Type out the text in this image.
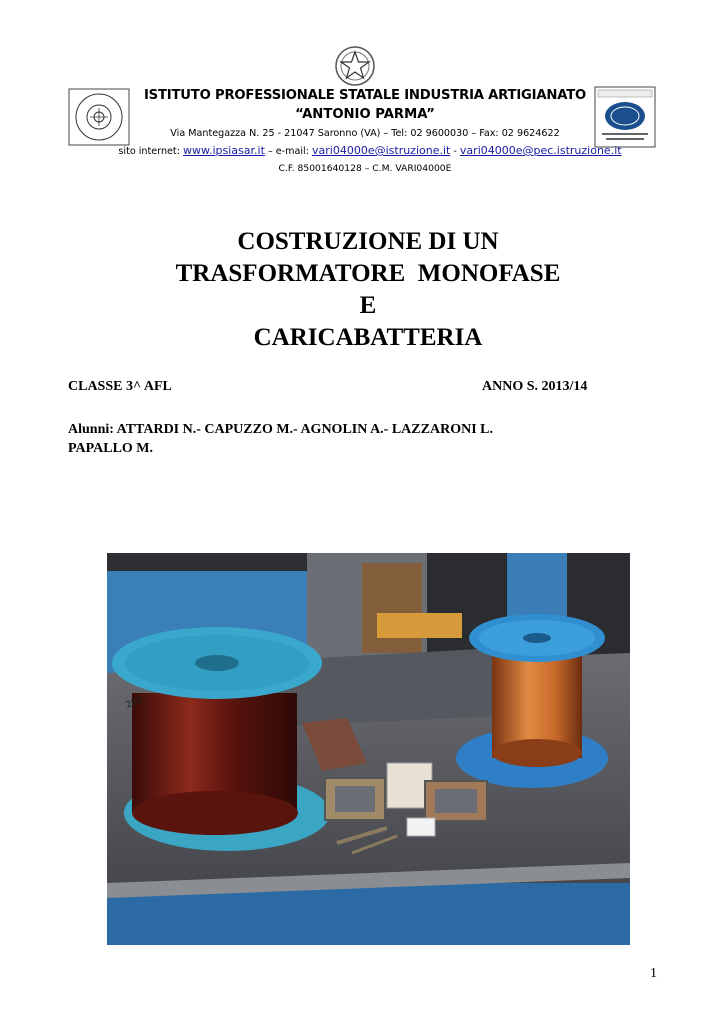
ISTITUTO PROFESSIONALE STATALE INDUSTRIA ARTIGIANATO
“ANTONIO PARMA”
Via Mantegazza N. 25 - 21047 Saronno (VA) – Tel: 02 9600030 – Fax: 02 9624622
sito internet: www.ipsiasar.it – e-mail: vari04000e@istruzione.it - vari04000e@pec.istruzione.it
C.F. 85001640128 – C.M. VARI04000E
COSTRUZIONE DI UN
TRASFORMATORE  MONOFASE
E
CARICABATTERIA
CLASSE 3^ AFL	ANNO S. 2013/14
Alunni: ATTARDI N.- CAPUZZO M.- AGNOLIN A.- LAZZARONI L.
PAPALLO M.
200
1
